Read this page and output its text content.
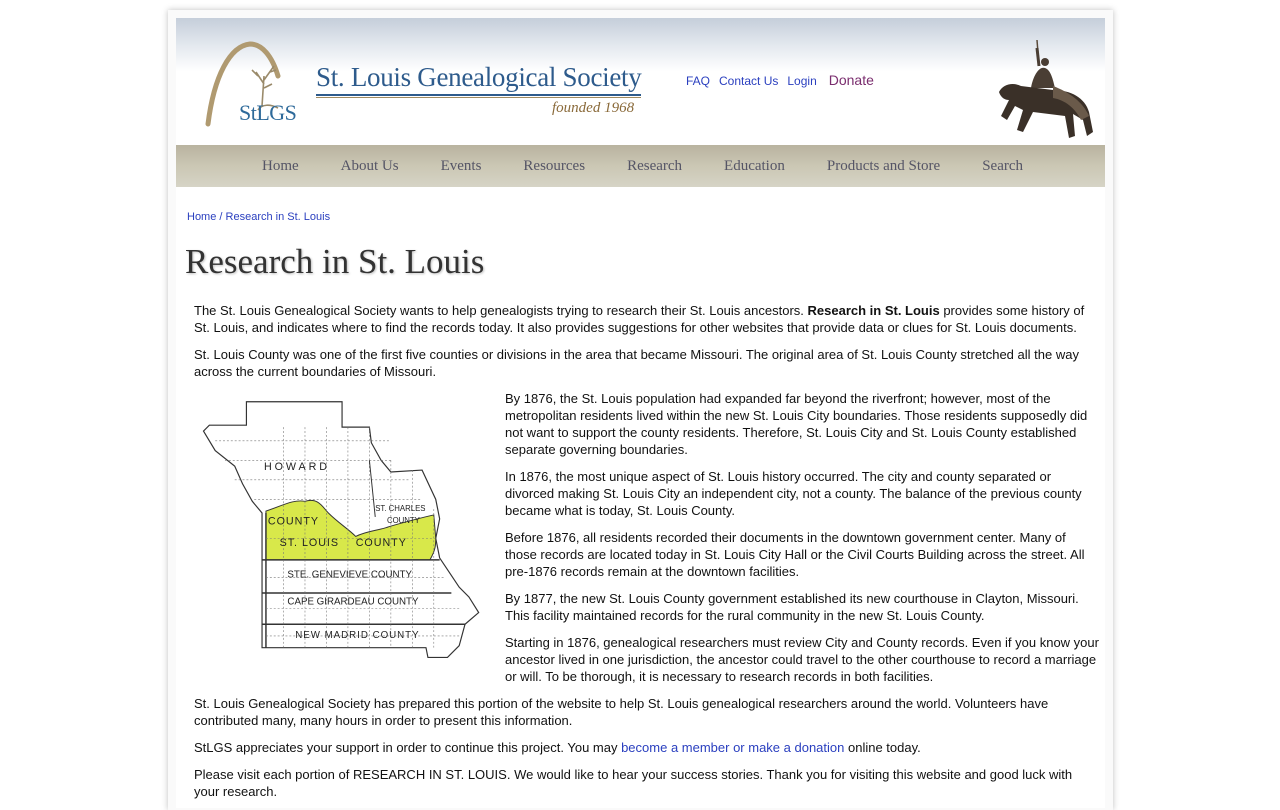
StLGS
St. Louis Genealogical Society
founded 1968
FAQ Contact Us Login Donate
Home	About Us	Events	Resources	Research	Education	Products and Store	Search
Home / Research in St. Louis
Research in St. Louis

The St. Louis Genealogical Society wants to help genealogists trying to research their St. Louis ancestors. Research in St. Louis provides some history of St. Louis, and indicates where to find the records today. It also provides suggestions for other websites that provide data or clues for St. Louis documents.

St. Louis County was one of the first five counties or divisions in the area that became Missouri. The original area of St. Louis County stretched all the way across the current boundaries of Missouri.

HOWARD
COUNTY
ST. LOUIS COUNTY
ST. CHARLES
COUNTY
STE. GENEVIEVE COUNTY
CAPE GIRARDEAU COUNTY
NEW MADRID COUNTY

By 1876, the St. Louis population had expanded far beyond the riverfront; however, most of the metropolitan residents lived within the new St. Louis City boundaries. Those residents supposedly did not want to support the county residents. Therefore, St. Louis City and St. Louis County established separate governing boundaries.

In 1876, the most unique aspect of St. Louis history occurred. The city and county separated or divorced making St. Louis City an independent city, not a county. The balance of the previous county became what is today, St. Louis County.

Before 1876, all residents recorded their documents in the downtown government center. Many of those records are located today in St. Louis City Hall or the Civil Courts Building across the street. All pre-1876 records remain at the downtown facilities.

By 1877, the new St. Louis County government established its new courthouse in Clayton, Missouri. This facility maintained records for the rural community in the new St. Louis County.

Starting in 1876, genealogical researchers must review City and County records. Even if you know your ancestor lived in one jurisdiction, the ancestor could travel to the other courthouse to record a marriage or will. To be thorough, it is necessary to research records in both facilities.

St. Louis Genealogical Society has prepared this portion of the website to help St. Louis genealogical researchers around the world. Volunteers have contributed many, many hours in order to present this information.

StLGS appreciates your support in order to continue this project. You may become a member or make a donation online today.

Please visit each portion of RESEARCH IN ST. LOUIS. We would like to hear your success stories. Thank you for visiting this website and good luck with your research.
